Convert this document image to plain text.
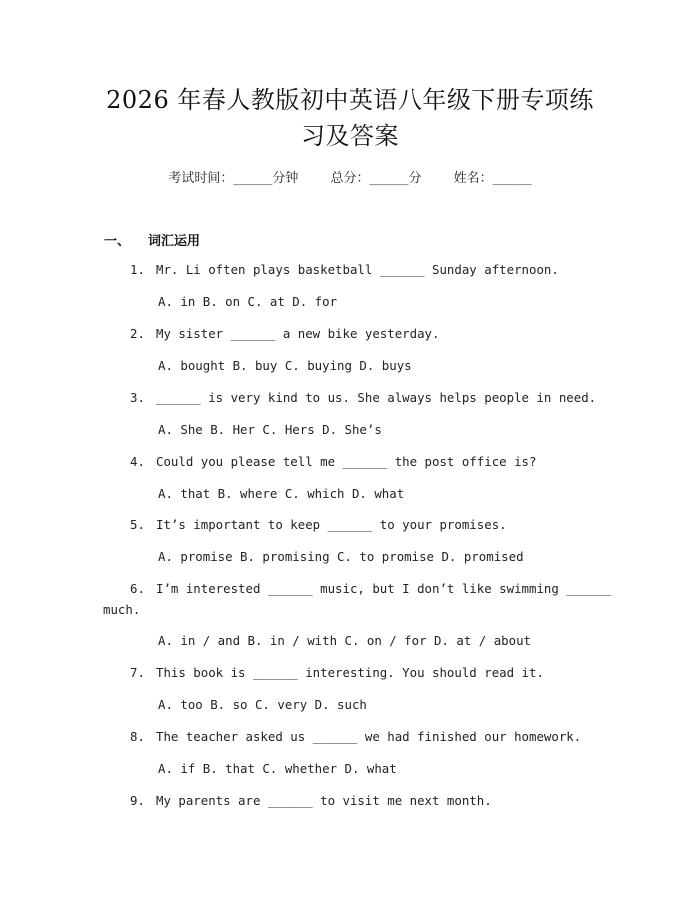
2026 年春人教版初中英语八年级下册专项练
习及答案
考试时间：______分钟 总分：______分 姓名：______
一、 词汇运用
1. Mr. Li often plays basketball ______ Sunday afternoon.
A. in B. on C. at D. for
2. My sister ______ a new bike yesterday.
A. bought B. buy C. buying D. buys
3. ______ is very kind to us. She always helps people in need.
A. She B. Her C. Hers D. She’s
4. Could you please tell me ______ the post office is?
A. that B. where C. which D. what
5. It’s important to keep ______ to your promises.
A. promise B. promising C. to promise D. promised
6. I’m interested ______ music, but I don’t like swimming ______
much.
A. in / and B. in / with C. on / for D. at / about
7. This book is ______ interesting. You should read it.
A. too B. so C. very D. such
8. The teacher asked us ______ we had finished our homework.
A. if B. that C. whether D. what
9. My parents are ______ to visit me next month.
